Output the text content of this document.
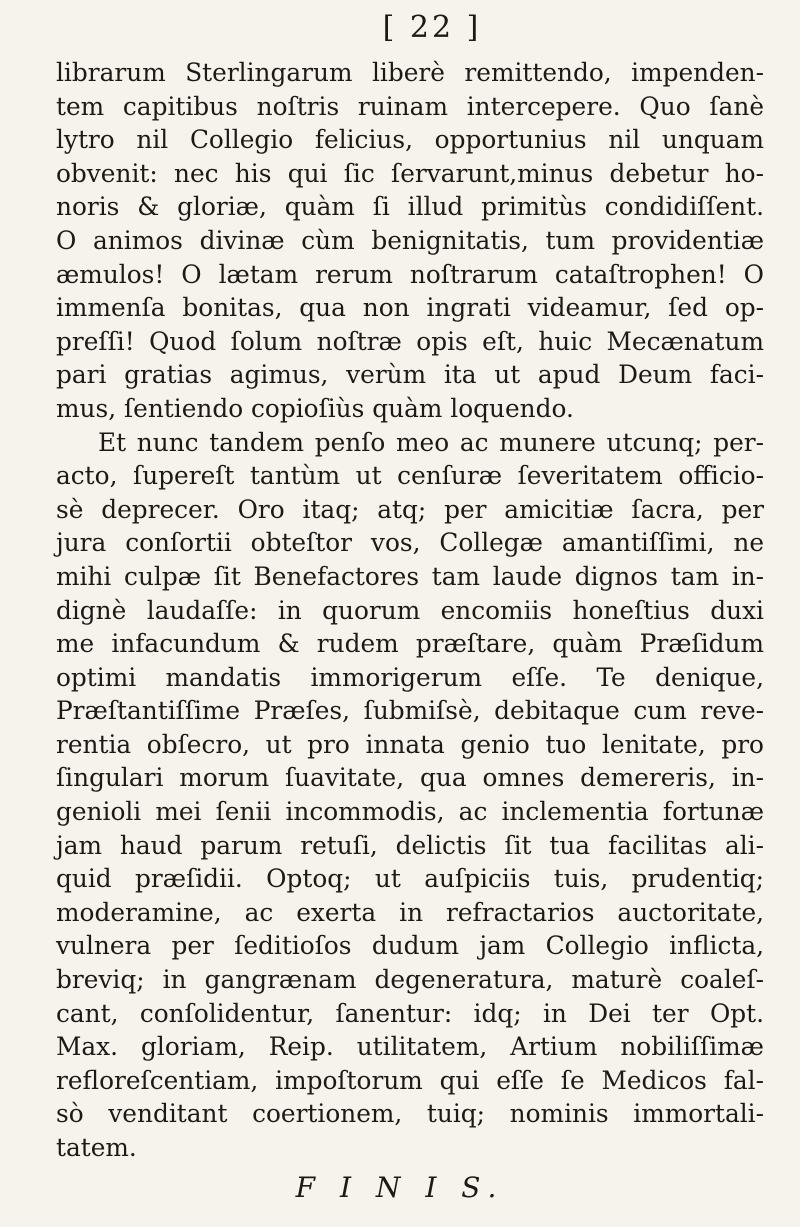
[ 22 ]
librarum Sterlingarum liberè remittendo, impenden-
tem capitibus noſtris ruinam intercepere. Quo ſanè
lytro nil Collegio felicius, opportunius nil unquam
obvenit: nec his qui ſic ſervarunt,minus debetur ho-
noris & gloriæ, quàm ſi illud primitùs condidiſſent.
O animos divinæ cùm benignitatis, tum providentiæ
æmulos! O lætam rerum noſtrarum cataſtrophen! O
immenſa bonitas, qua non ingrati videamur, ſed op-
preſſi! Quod ſolum noſtræ opis eſt, huic Mecænatum
pari gratias agimus, verùm ita ut apud Deum faci-
mus, ſentiendo copioſiùs quàm loquendo.
Et nunc tandem penſo meo ac munere utcunq; per-
acto, ſupereſt tantùm ut cenſuræ ſeveritatem officio-
sè deprecer. Oro itaq; atq; per amicitiæ ſacra, per
jura conſortii obteſtor vos, Collegæ amantiſſimi, ne
mihi culpæ ſit Benefactores tam laude dignos tam in-
dignè laudaſſe: in quorum encomiis honeſtius duxi
me infacundum & rudem præſtare, quàm Præſidum
optimi mandatis immorigerum eſſe. Te denique,
Præſtantiſſime Præſes, ſubmiſsè, debitaque cum reve-
rentia obſecro, ut pro innata genio tuo lenitate, pro
ſingulari morum ſuavitate, qua omnes demereris, in-
genioli mei ſenii incommodis, ac inclementia fortunæ
jam haud parum retuſi, delictis ſit tua facilitas ali-
quid præſidii. Optoq; ut auſpiciis tuis, prudentiq;
moderamine, ac exerta in refractarios auctoritate,
vulnera per ſeditioſos dudum jam Collegio inflicta,
breviq; in gangrænam degeneratura, maturè coaleſ-
cant, conſolidentur, ſanentur: idq; in Dei ter Opt.
Max. gloriam, Reip. utilitatem, Artium nobiliſſimæ
refloreſcentiam, impoſtorum qui eſſe ſe Medicos fal-
sò venditant coertionem, tuiq; nominis immortali-
tatem.
F I N I S.
